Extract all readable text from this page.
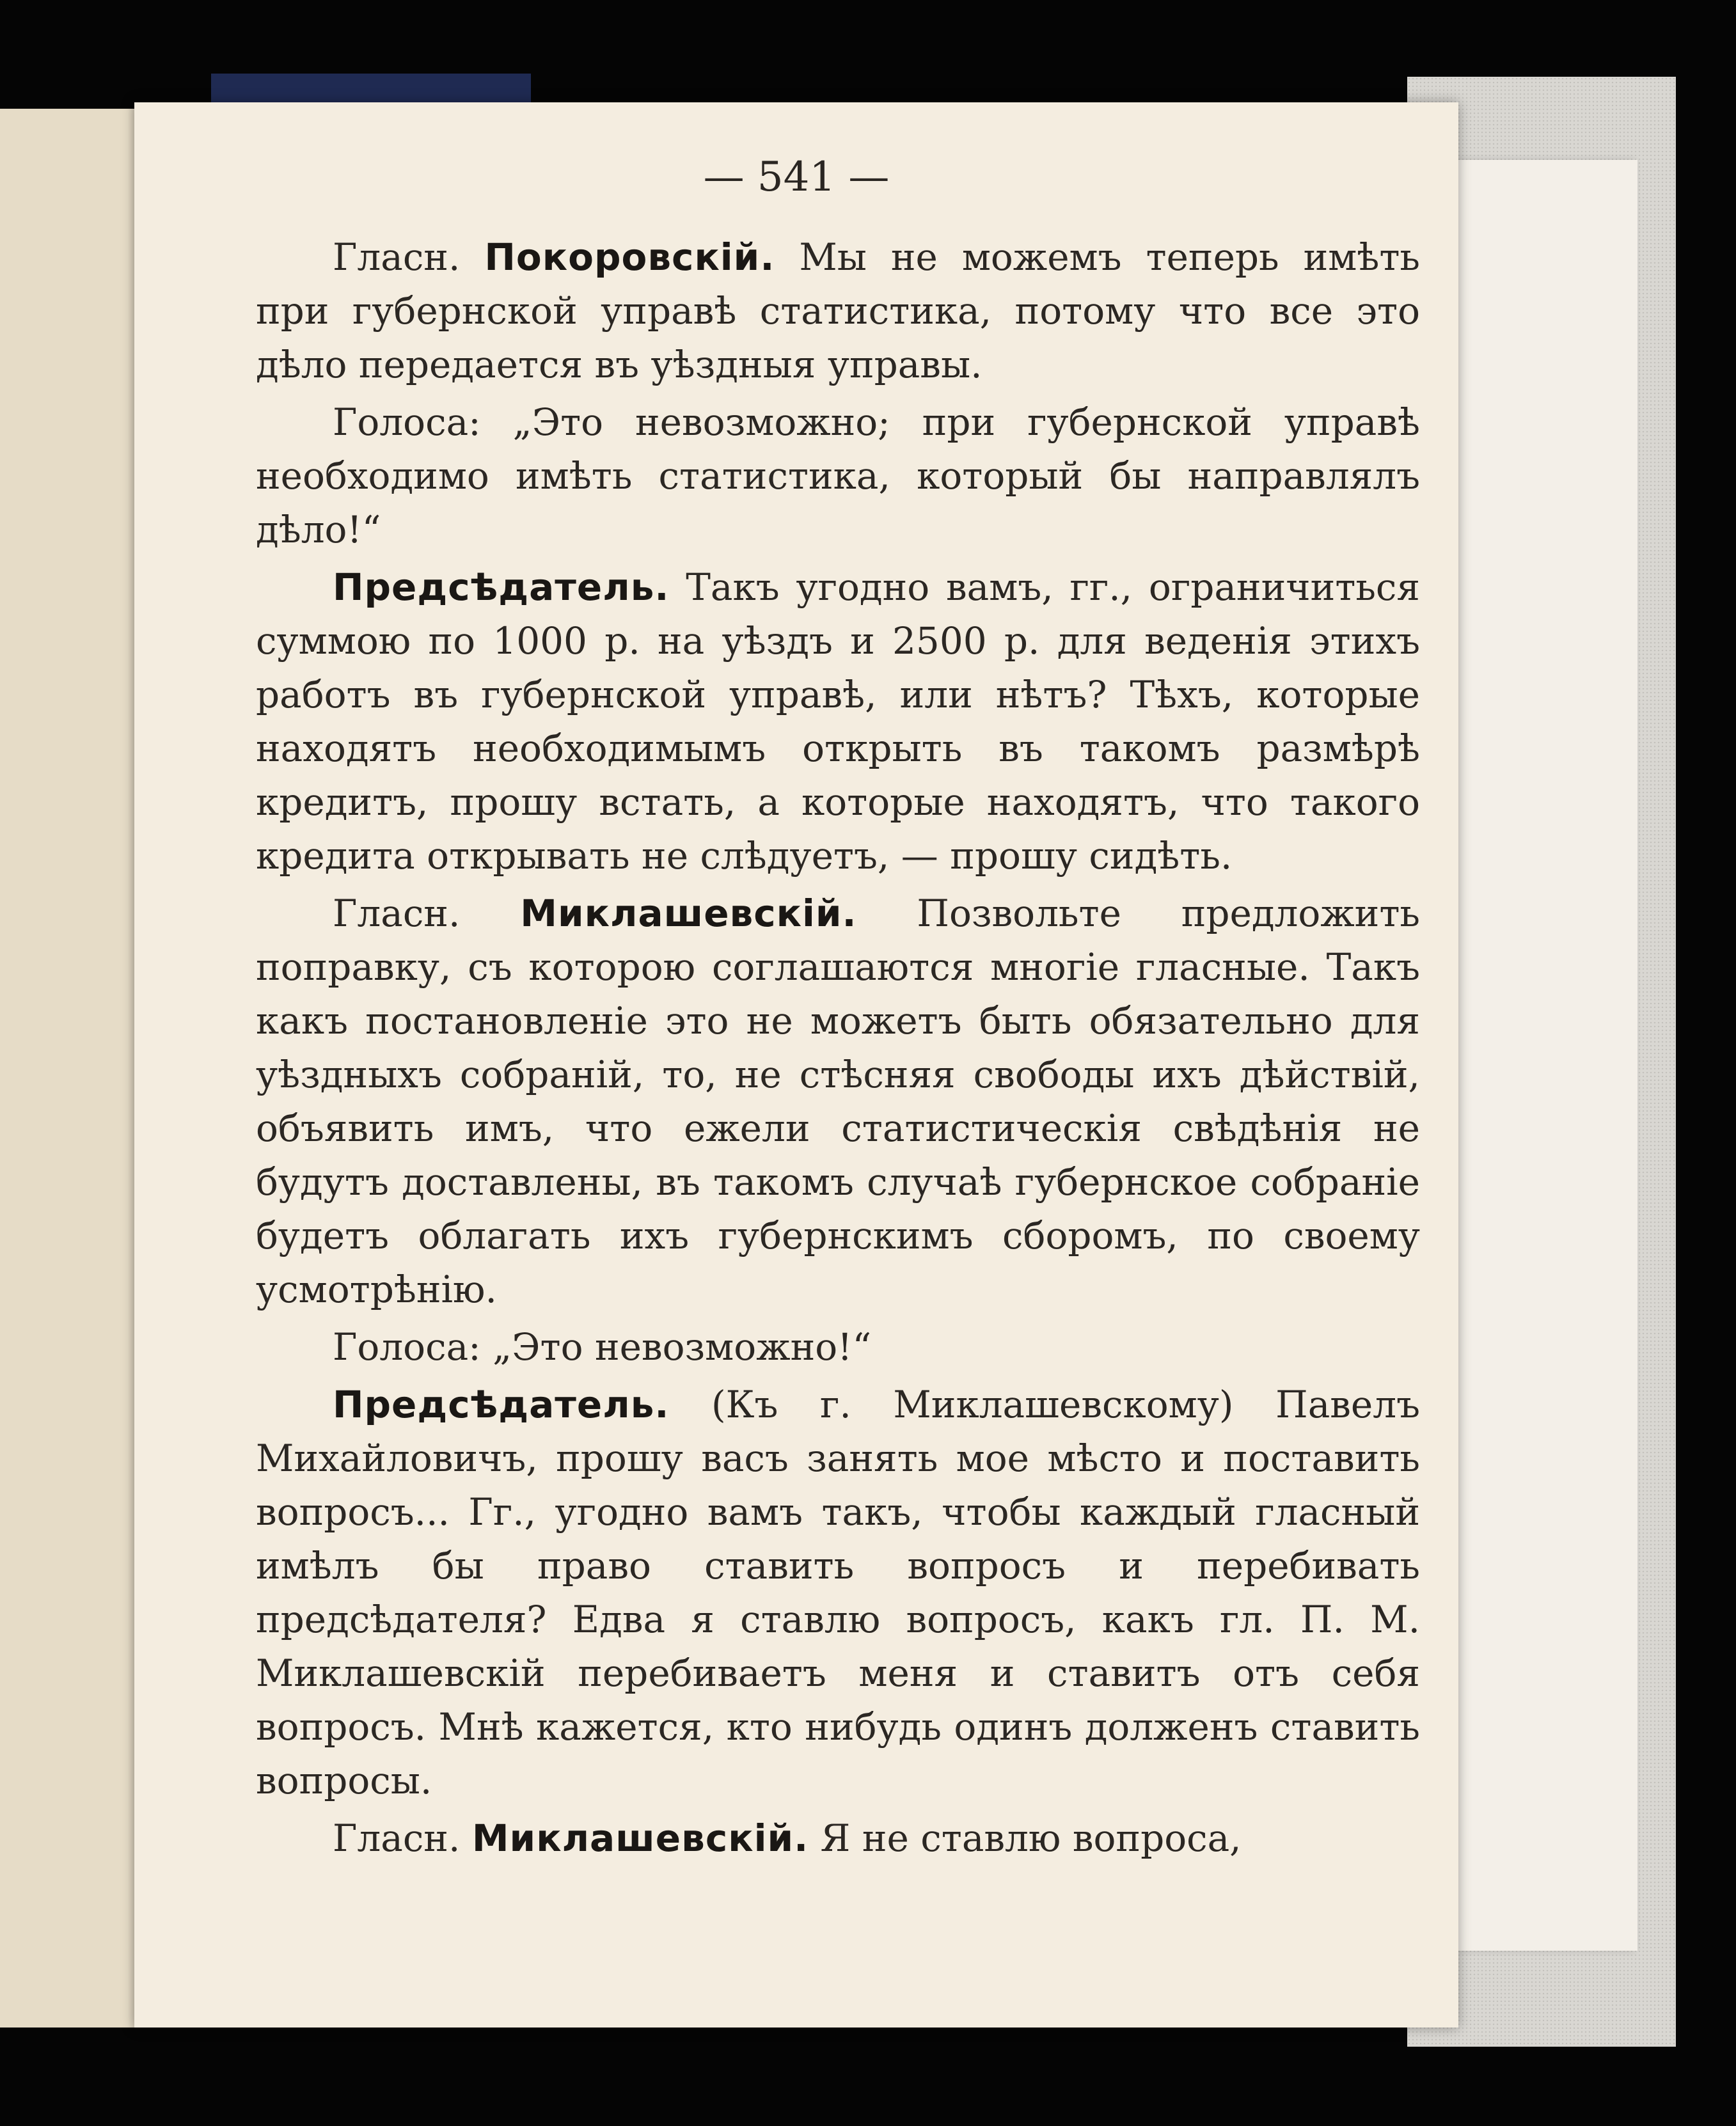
— 541 —

Гласн. Покоровскій. Мы не можемъ теперь имѣть при губернской управѣ статистика, потому что все это дѣло передается въ уѣздныя управы.

Голоса: „Это невозможно; при губернской управѣ необходимо имѣть статистика, который бы направлялъ дѣло!“

Предсѣдатель. Такъ угодно вамъ, гг., ограничиться суммою по 1000 р. на уѣздъ и 2500 р. для веденія этихъ работъ въ губернской управѣ, или нѣтъ? Тѣхъ, которые находятъ необходимымъ открыть въ такомъ размѣрѣ кредитъ, прошу встать, а которые находятъ, что такого кредита открывать не слѣдуетъ, — прошу сидѣть.

Гласн. Миклашевскій. Позвольте предложить поправку, съ которою соглашаются многіе гласные. Такъ какъ постановленіе это не можетъ быть обязательно для уѣздныхъ собраній, то, не стѣсняя свободы ихъ дѣйствій, объявить имъ, что ежели статистическія свѣдѣнія не будутъ доставлены, въ такомъ случаѣ губернское собраніе будетъ облагать ихъ губернскимъ сборомъ, по своему усмотрѣнію.

Голоса: „Это невозможно!“

Предсѣдатель. (Къ г. Миклашевскому) Павелъ Михайловичъ, прошу васъ занять мое мѣсто и поставить вопросъ... Гг., угодно вамъ такъ, чтобы каждый гласный имѣлъ бы право ставить вопросъ и перебивать предсѣдателя? Едва я ставлю вопросъ, какъ гл. П. М. Миклашевскій перебиваетъ меня и ставитъ отъ себя вопросъ. Мнѣ кажется, кто нибудь одинъ долженъ ставить вопросы.

Гласн. Миклашевскій. Я не ставлю вопроса,
